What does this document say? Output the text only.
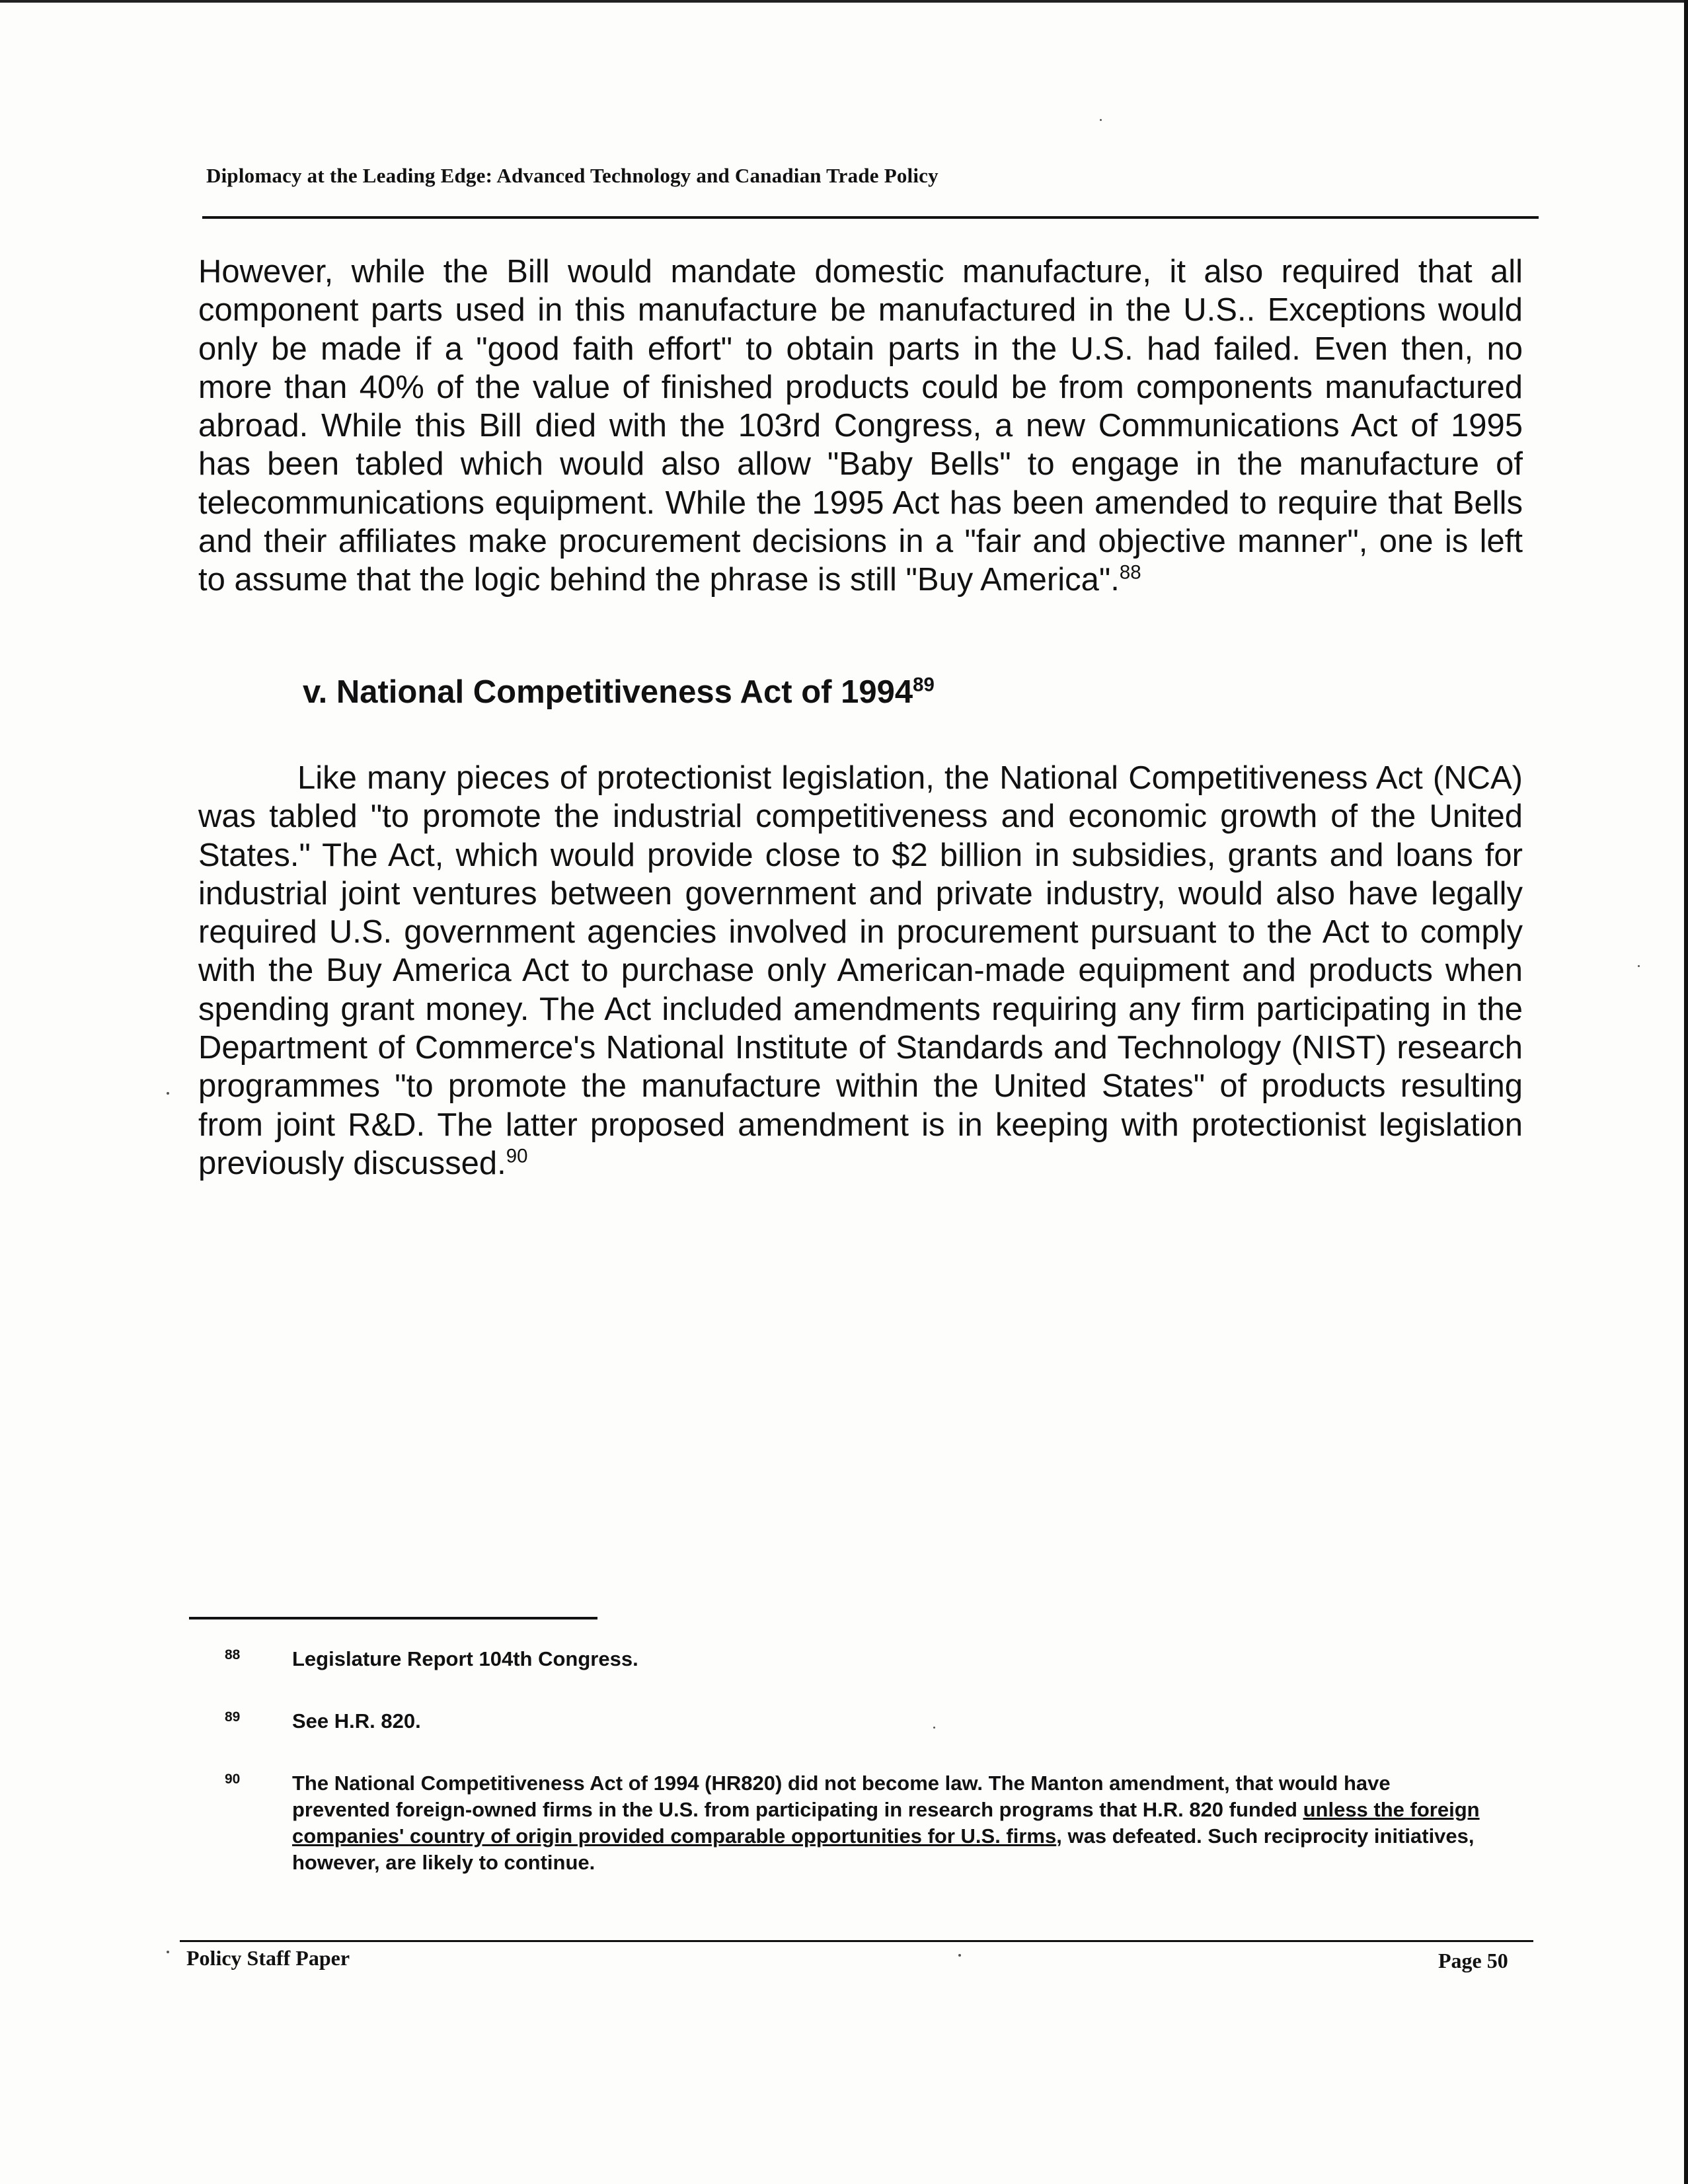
Diplomacy at the Leading Edge: Advanced Technology and Canadian Trade Policy

However, while the Bill would mandate domestic manufacture, it also required that all component parts used in this manufacture be manufactured in the U.S.. Exceptions would only be made if a "good faith effort" to obtain parts in the U.S. had failed. Even then, no more than 40% of the value of finished products could be from components manufactured abroad. While this Bill died with the 103rd Congress, a new Communications Act of 1995 has been tabled which would also allow "Baby Bells" to engage in the manufacture of telecommunications equipment. While the 1995 Act has been amended to require that Bells and their affiliates make procurement decisions in a "fair and objective manner", one is left to assume that the logic behind the phrase is still "Buy America".$^{88}$

v. National Competitiveness Act of 1994$^{89}$

Like many pieces of protectionist legislation, the National Competitiveness Act (NCA) was tabled "to promote the industrial competitiveness and economic growth of the United States." The Act, which would provide close to $2 billion in subsidies, grants and loans for industrial joint ventures between government and private industry, would also have legally required U.S. government agencies involved in procurement pursuant to the Act to comply with the Buy America Act to purchase only American-made equipment and products when spending grant money. The Act included amendments requiring any firm participating in the Department of Commerce's National Institute of Standards and Technology (NIST) research programmes "to promote the manufacture within the United States" of products resulting from joint R&D. The latter proposed amendment is in keeping with protectionist legislation previously discussed.$^{90}$

88	Legislature Report 104th Congress.
89	See H.R. 820.
90	The National Competitiveness Act of 1994 (HR820) did not become law. The Manton amendment, that would have prevented foreign-owned firms in the U.S. from participating in research programs that H.R. 820 funded unless the foreign companies' country of origin provided comparable opportunities for U.S. firms, was defeated. Such reciprocity initiatives, however, are likely to continue.
Policy Staff Paper	Page 50
